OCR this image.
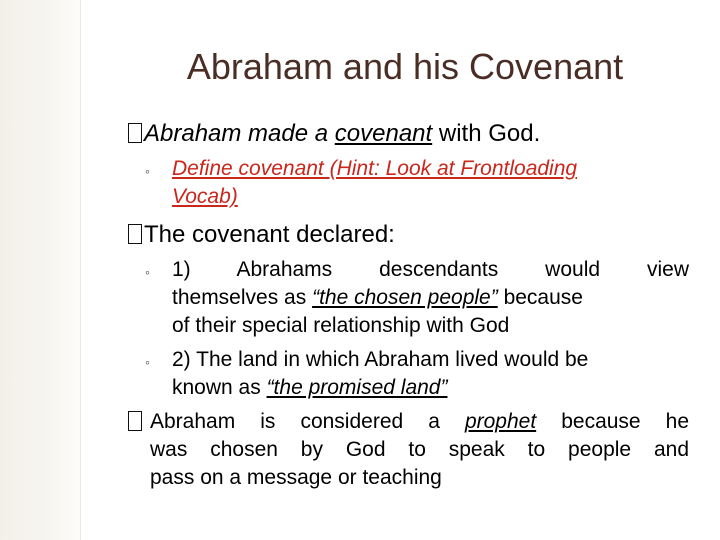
Abraham and his Covenant
Abraham made a covenant with God.
◦ Define covenant (Hint: Look at Frontloading
Vocab)
The covenant declared:
◦ 1) Abrahams descendants would view
themselves as “the chosen people” because
of their special relationship with God
◦ 2) The land in which Abraham lived would be
known as “the promised land”
Abraham is considered a prophet because he
was chosen by God to speak to people and
pass on a message or teaching
